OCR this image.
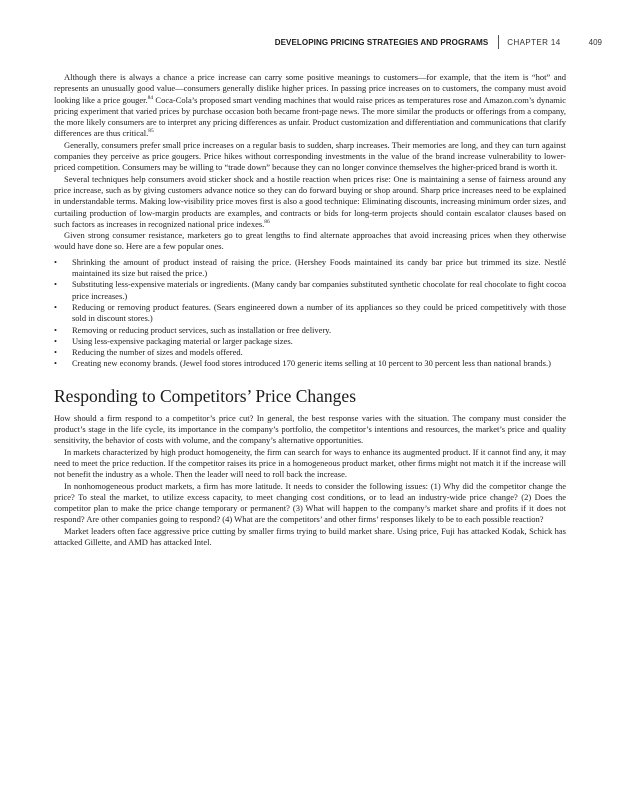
DEVELOPING PRICING STRATEGIES AND PROGRAMS CHAPTER 14	409

Although there is always a chance a price increase can carry some positive meanings to customers—for example, that the item is “hot” and represents an unusually good value—consumers generally dislike higher prices. In passing price increases on to customers, the company must avoid looking like a price gouger.$^{84}$ Coca-Cola’s proposed smart vending machines that would raise prices as temperatures rose and Amazon.com’s dynamic pricing experiment that varied prices by purchase occasion both became front-page news. The more similar the products or offerings from a company, the more likely consumers are to interpret any pricing differences as unfair. Product customization and differentiation and communications that clarify differences are thus critical.$^{85}$

Generally, consumers prefer small price increases on a regular basis to sudden, sharp increases. Their memories are long, and they can turn against companies they perceive as price gougers. Price hikes without corresponding investments in the value of the brand increase vulnerability to lower-priced competition. Consumers may be willing to “trade down” because they can no longer convince themselves the higher-priced brand is worth it.

Several techniques help consumers avoid sticker shock and a hostile reaction when prices rise: One is maintaining a sense of fairness around any price increase, such as by giving customers advance notice so they can do forward buying or shop around. Sharp price increases need to be explained in understandable terms. Making low-visibility price moves first is also a good technique: Eliminating discounts, increasing minimum order sizes, and curtailing production of low-margin products are examples, and contracts or bids for long-term projects should contain escalator clauses based on such factors as increases in recognized national price indexes.$^{86}$

Given strong consumer resistance, marketers go to great lengths to find alternate approaches that avoid increasing prices when they otherwise would have done so. Here are a few popular ones.

• Shrinking the amount of product instead of raising the price. (Hershey Foods maintained its candy bar price but trimmed its size. Nestlé maintained its size but raised the price.)
• Substituting less-expensive materials or ingredients. (Many candy bar companies substituted synthetic chocolate for real chocolate to fight cocoa price increases.)
• Reducing or removing product features. (Sears engineered down a number of its appliances so they could be priced competitively with those sold in discount stores.)
• Removing or reducing product services, such as installation or free delivery.
• Using less-expensive packaging material or larger package sizes.
• Reducing the number of sizes and models offered.
• Creating new economy brands. (Jewel food stores introduced 170 generic items selling at 10 percent to 30 percent less than national brands.)
Responding to Competitors’ Price Changes

How should a firm respond to a competitor’s price cut? In general, the best response varies with the situation. The company must consider the product’s stage in the life cycle, its importance in the company’s portfolio, the competitor’s intentions and resources, the market’s price and quality sensitivity, the behavior of costs with volume, and the company’s alternative opportunities.

In markets characterized by high product homogeneity, the firm can search for ways to enhance its augmented product. If it cannot find any, it may need to meet the price reduction. If the competitor raises its price in a homogeneous product market, other firms might not match it if the increase will not benefit the industry as a whole. Then the leader will need to roll back the increase.

In nonhomogeneous product markets, a firm has more latitude. It needs to consider the following issues: (1) Why did the competitor change the price? To steal the market, to utilize excess capacity, to meet changing cost conditions, or to lead an industry-wide price change? (2) Does the competitor plan to make the price change temporary or permanent? (3) What will happen to the company’s market share and profits if it does not respond? Are other companies going to respond? (4) What are the competitors’ and other firms’ responses likely to be to each possible reaction?

Market leaders often face aggressive price cutting by smaller firms trying to build market share. Using price, Fuji has attacked Kodak, Schick has attacked Gillette, and AMD has attacked Intel.
